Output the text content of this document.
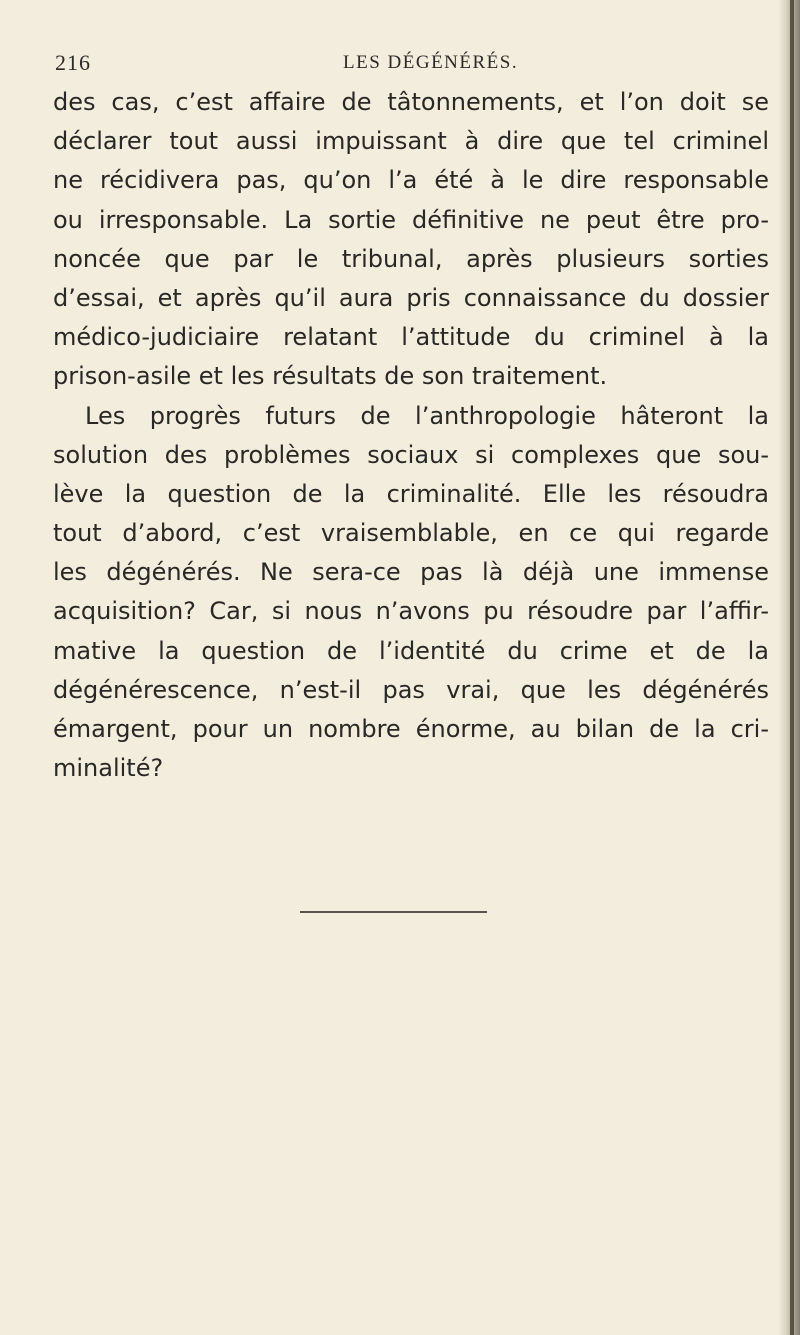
216	LES DÉGÉNÉRÉS.
des cas, c’est affaire de tâtonnements, et l’on doit se
déclarer tout aussi impuissant à dire que tel criminel
ne récidivera pas, qu’on l’a été à le dire responsable
ou irresponsable. La sortie définitive ne peut être pro-
noncée que par le tribunal, après plusieurs sorties
d’essai, et après qu’il aura pris connaissance du dossier
médico-judiciaire relatant l’attitude du criminel à la
prison-asile et les résultats de son traitement.
Les progrès futurs de l’anthropologie hâteront la
solution des problèmes sociaux si complexes que sou-
lève la question de la criminalité. Elle les résoudra
tout d’abord, c’est vraisemblable, en ce qui regarde
les dégénérés. Ne sera-ce pas là déjà une immense
acquisition? Car, si nous n’avons pu résoudre par l’affir-
mative la question de l’identité du crime et de la
dégénérescence, n’est-il pas vrai, que les dégénérés
émargent, pour un nombre énorme, au bilan de la cri-
minalité?
